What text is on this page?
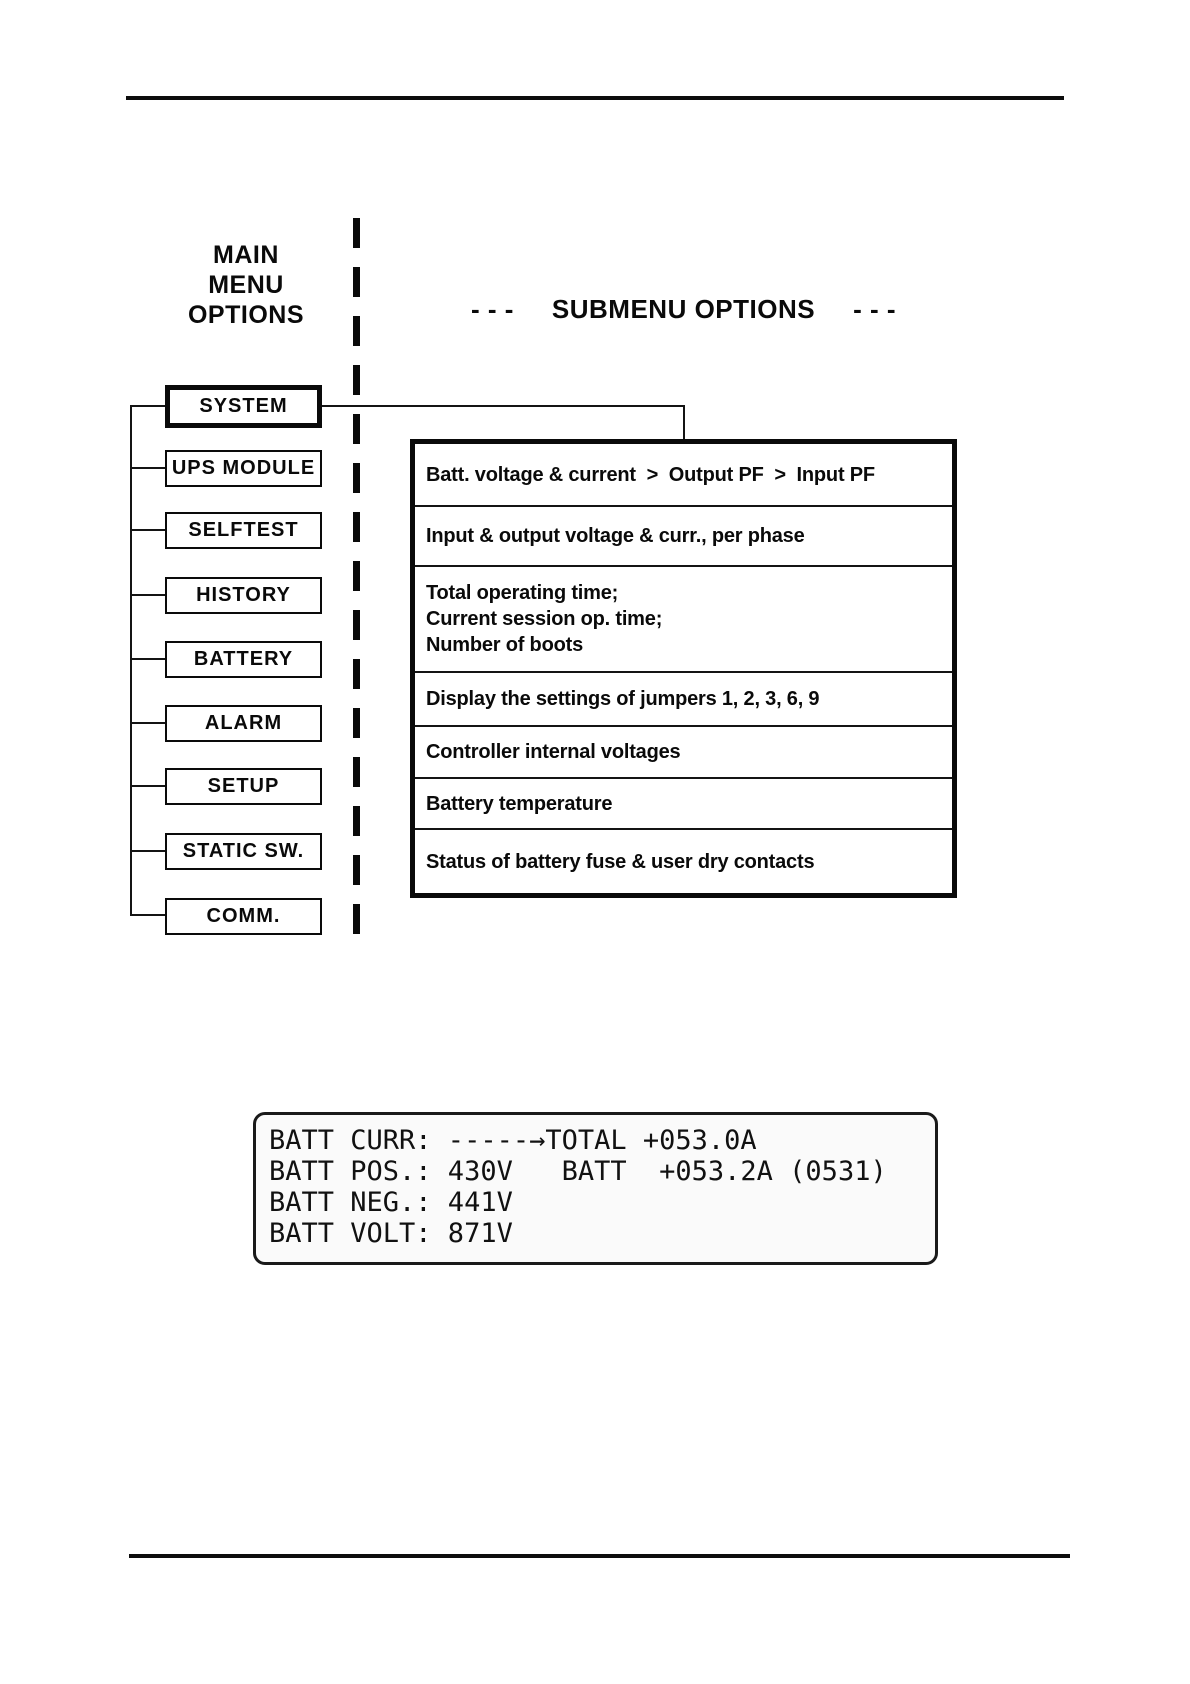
MAIN
MENU
OPTIONS	- - - SUBMENU OPTIONS - - -
SYSTEM
UPS MODULE
SELFTEST
HISTORY
BATTERY
ALARM
SETUP
STATIC SW.
COMM.
Batt. voltage & current  >  Output PF  >  Input PF
Input & output voltage & curr., per phase
Total operating time;
Current session op. time;
Number of boots
Display the settings of jumpers 1, 2, 3, 6, 9
Controller internal voltages
Battery temperature
Status of battery fuse & user dry contacts
BATT CURR: -----→TOTAL +053.0A
BATT POS.: 430V   BATT  +053.2A (0531)
BATT NEG.: 441V
BATT VOLT: 871V
